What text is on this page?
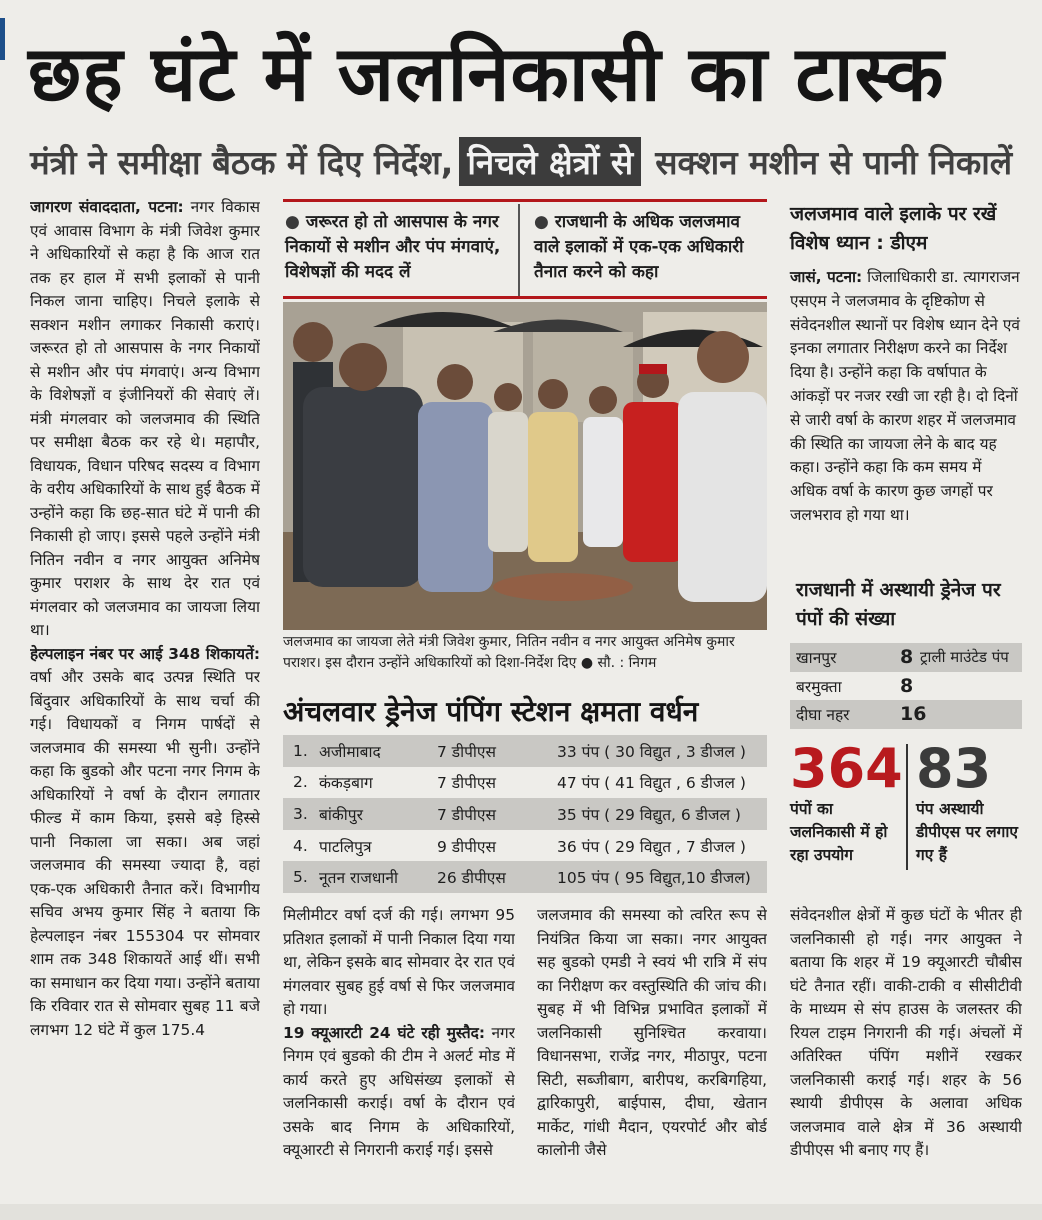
छह घंटे में जलनिकासी का टास्क
मंत्री ने समीक्षा बैठक में दिए निर्देश, निचले क्षेत्रों से सक्शन मशीन से पानी निकालें

जागरण संवाददाता, पटना: नगर विकास एवं आवास विभाग के मंत्री जिवेश कुमार ने अधिकारियों से कहा है कि आज रात तक हर हाल में सभी इलाकों से पानी निकल जाना चाहिए। निचले इलाके से सक्शन मशीन लगाकर निकासी कराएं। जरूरत हो तो आसपास के नगर निकायों से मशीन और पंप मंगवाएं। अन्य विभाग के विशेषज्ञों व इंजीनियरों की सेवाएं लें। मंत्री मंगलवार को जलजमाव की स्थिति पर समीक्षा बैठक कर रहे थे। महापौर, विधायक, विधान परिषद सदस्य व विभाग के वरीय अधिकारियों के साथ हुई बैठक में उन्होंने कहा कि छह-सात घंटे में पानी की निकासी हो जाए। इससे पहले उन्होंने मंत्री नितिन नवीन व नगर आयुक्त अनिमेष कुमार पराशर के साथ देर रात एवं मंगलवार को जलजमाव का जायजा लिया था।

हेल्पलाइन नंबर पर आई 348 शिकायतें: वर्षा और उसके बाद उत्पन्न स्थिति पर बिंदुवार अधिकारियों के साथ चर्चा की गई। विधायकों व निगम पार्षदों से जलजमाव की समस्या भी सुनी। उन्होंने कहा कि बुडको और पटना नगर निगम के अधिकारियों ने वर्षा के दौरान लगातार फील्ड में काम किया, इससे बड़े हिस्से पानी निकाला जा सका। अब जहां जलजमाव की समस्या ज्यादा है, वहां एक-एक अधिकारी तैनात करें। विभागीय सचिव अभय कुमार सिंह ने बताया कि हेल्पलाइन नंबर 155304 पर सोमवार शाम तक 348 शिकायतें आई थीं। सभी का समाधान कर दिया गया। उन्होंने बताया कि रविवार रात से सोमवार सुबह 11 बजे लगभग 12 घंटे में कुल 175.4

● जरूरत हो तो आसपास के नगर निकायों से मशीन और पंप मंगवाएं, विशेषज्ञों की मदद लें
● राजधानी के अधिक जलजमाव वाले इलाकों में एक-एक अधिकारी तैनात करने को कहा

जलजमाव का जायजा लेते मंत्री जिवेश कुमार, नितिन नवीन व नगर आयुक्त अनिमेष कुमार पराशर। इस दौरान उन्होंने अधिकारियों को दिशा-निर्देश दिए ● सौ. : निगम

अंचलवार ड्रेनेज पंपिंग स्टेशन क्षमता वर्धन
1. अजीमाबाद	7 डीपीएस	33 पंप ( 30 विद्युत , 3 डीजल )
2. कंकड़बाग	7 डीपीएस	47 पंप ( 41 विद्युत , 6 डीजल )
3. बांकीपुर	7 डीपीएस	35 पंप ( 29 विद्युत, 6 डीजल )
4. पाटलिपुत्र	9 डीपीएस	36 पंप ( 29 विद्युत , 7 डीजल )
5. नूतन राजधानी	26 डीपीएस	105 पंप ( 95 विद्युत,10 डीजल)

मिलीमीटर वर्षा दर्ज की गई। लगभग 95 प्रतिशत इलाकों में पानी निकाल दिया गया था, लेकिन इसके बाद सोमवार देर रात एवं मंगलवार सुबह हुई वर्षा से फिर जलजमाव हो गया।

19 क्यूआरटी 24 घंटे रही मुस्तैद: नगर निगम एवं बुडको की टीम ने अलर्ट मोड में कार्य करते हुए अधिसंख्य इलाकों से जलनिकासी कराई। वर्षा के दौरान एवं उसके बाद निगम के अधिकारियों, क्यूआरटी से निगरानी कराई गई। इससे

जलजमाव की समस्या को त्वरित रूप से नियंत्रित किया जा सका। नगर आयुक्त सह बुडको एमडी ने स्वयं भी रात्रि में संप का निरीक्षण कर वस्तुस्थिति की जांच की। सुबह में भी विभिन्न प्रभावित इलाकों में जलनिकासी सुनिश्चित करवाया। विधानसभा, राजेंद्र नगर, मीठापुर, पटना सिटी, सब्जीबाग, बारीपथ, करबिगहिया, द्वारिकापुरी, बाईपास, दीघा, खेतान मार्केट, गांधी मैदान, एयरपोर्ट और बोर्ड कालोनी जैसे

संवेदनशील क्षेत्रों में कुछ घंटों के भीतर ही जलनिकासी हो गई। नगर आयुक्त ने बताया कि शहर में 19 क्यूआरटी चौबीस घंटे तैनात रहीं। वाकी-टाकी व सीसीटीवी के माध्यम से संप हाउस के जलस्तर की रियल टाइम निगरानी की गई। अंचलों में अतिरिक्त पंपिंग मशीनें रखकर जलनिकासी कराई गई। शहर के 56 स्थायी डीपीएस के अलावा अधिक जलजमाव वाले क्षेत्र में 36 अस्थायी डीपीएस भी बनाए गए हैं।

जलजमाव वाले इलाके पर रखें विशेष ध्यान : डीएम

जासं, पटना: जिलाधिकारी डा. त्यागराजन एसएम ने जलजमाव के दृष्टिकोण से संवेदनशील स्थानों पर विशेष ध्यान देने एवं इनका लगातार निरीक्षण करने का निर्देश दिया है। उन्होंने कहा कि वर्षापात के आंकड़ों पर नजर रखी जा रही है। दो दिनों से जारी वर्षा के कारण शहर में जलजमाव की स्थिति का जायजा लेने के बाद यह कहा। उन्होंने कहा कि कम समय में अधिक वर्षा के कारण कुछ जगहों पर जलभराव हो गया था।

राजधानी में अस्थायी ड्रेनेज पर पंपों की संख्या
खानपुर	8 ट्राली माउंटेड पंप
बरमुक्ता	8
दीघा नहर	16
364
पंपों का जलनिकासी में हो रहा उपयोग
83
पंप अस्थायी डीपीएस पर लगाए गए हैं
